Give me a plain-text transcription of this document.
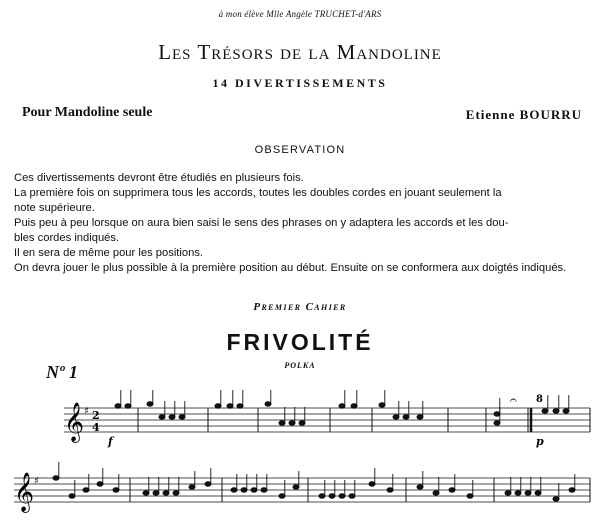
à mon élève Mlle Angèle TRUCHET-d'ARS
Les Trésors de la Mandoline
14 DIVERTISSEMENTS
Pour Mandoline seule	Etienne BOURRU
OBSERVATION
Ces divertissements devront être étudiés en plusieurs fois.
La première fois on supprimera tous les accords, toutes les doubles cordes en jouant seulement la
note supérieure.
Puis peu à peu lorsque on aura bien saisi le sens des phrases on y adaptera les accords et les dou-
bles cordes indiqués.
Il en sera de même pour les positions.
On devra jouer le plus possible à la première position au début. Ensuite on se conformera aux doigtés indiqués.
Premier Cahier
FRIVOLITÉ
POLKA
Nº 1
𝄞 ♯ 2
4
f	p
8
𝄐
𝄞 ♯
